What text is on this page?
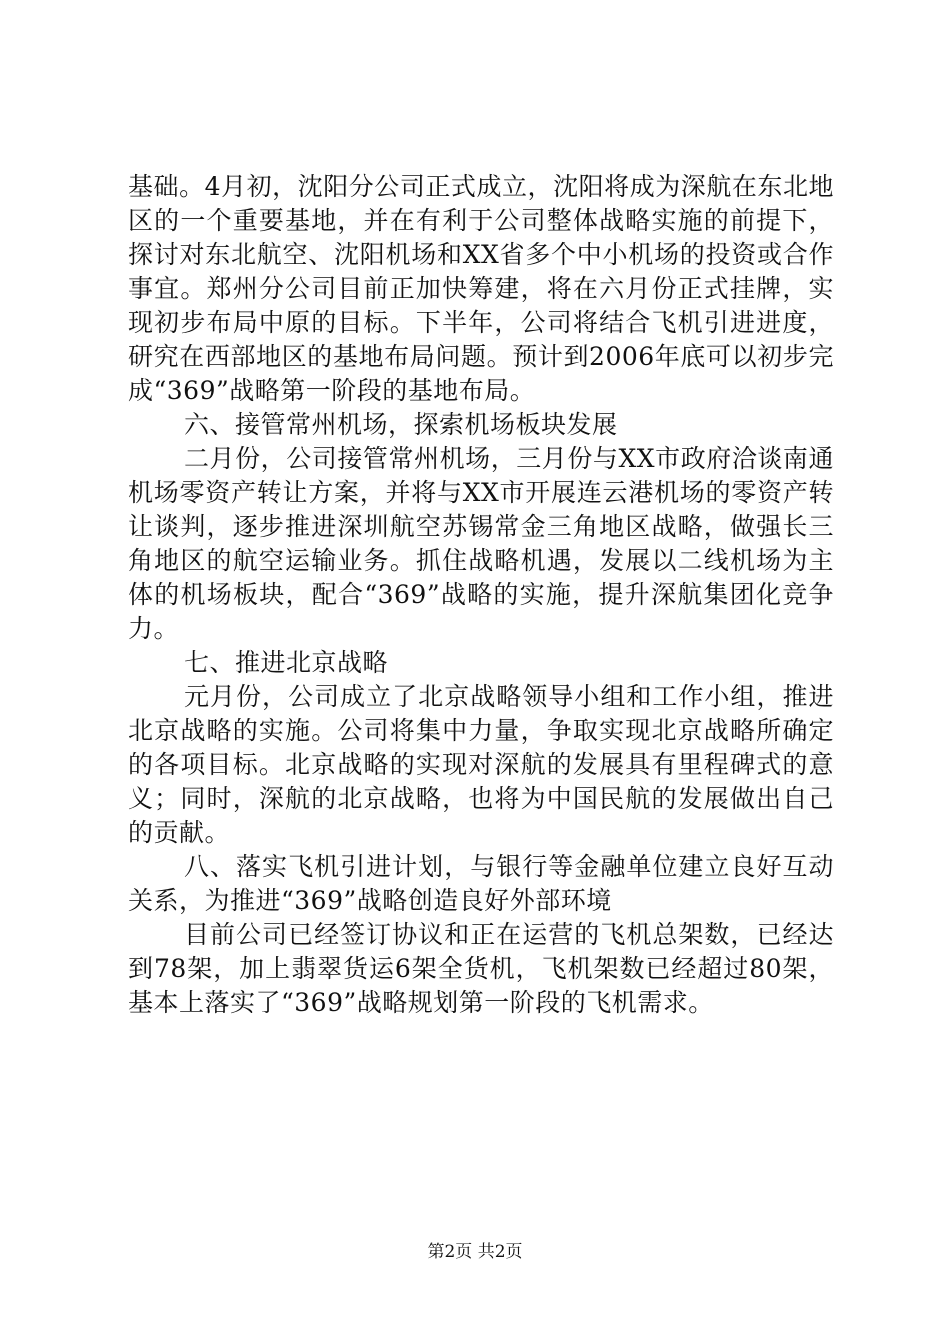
基础。4月初，沈阳分公司正式成立，沈阳将成为深航在东北地区的一个重要基地，并在有利于公司整体战略实施的前提下，探讨对东北航空、沈阳机场和XX省多个中小机场的投资或合作事宜。郑州分公司目前正加快筹建，将在六月份正式挂牌，实现初步布局中原的目标。下半年，公司将结合飞机引进进度，研究在西部地区的基地布局问题。预计到2006年底可以初步完成“369”战略第一阶段的基地布局。

六、接管常州机场，探索机场板块发展

二月份，公司接管常州机场，三月份与XX市政府洽谈南通机场零资产转让方案，并将与XX市开展连云港机场的零资产转让谈判，逐步推进深圳航空苏锡常金三角地区战略，做强长三角地区的航空运输业务。抓住战略机遇，发展以二线机场为主体的机场板块，配合“369”战略的实施，提升深航集团化竞争力。

七、推进北京战略

元月份，公司成立了北京战略领导小组和工作小组，推进北京战略的实施。公司将集中力量，争取实现北京战略所确定的各项目标。北京战略的实现对深航的发展具有里程碑式的意义；同时，深航的北京战略，也将为中国民航的发展做出自己的贡献。

八、落实飞机引进计划，与银行等金融单位建立良好互动关系，为推进“369”战略创造良好外部环境

目前公司已经签订协议和正在运营的飞机总架数，已经达到78架，加上翡翠货运6架全货机，飞机架数已经超过80架，基本上落实了“369”战略规划第一阶段的飞机需求。

第2页 共2页
